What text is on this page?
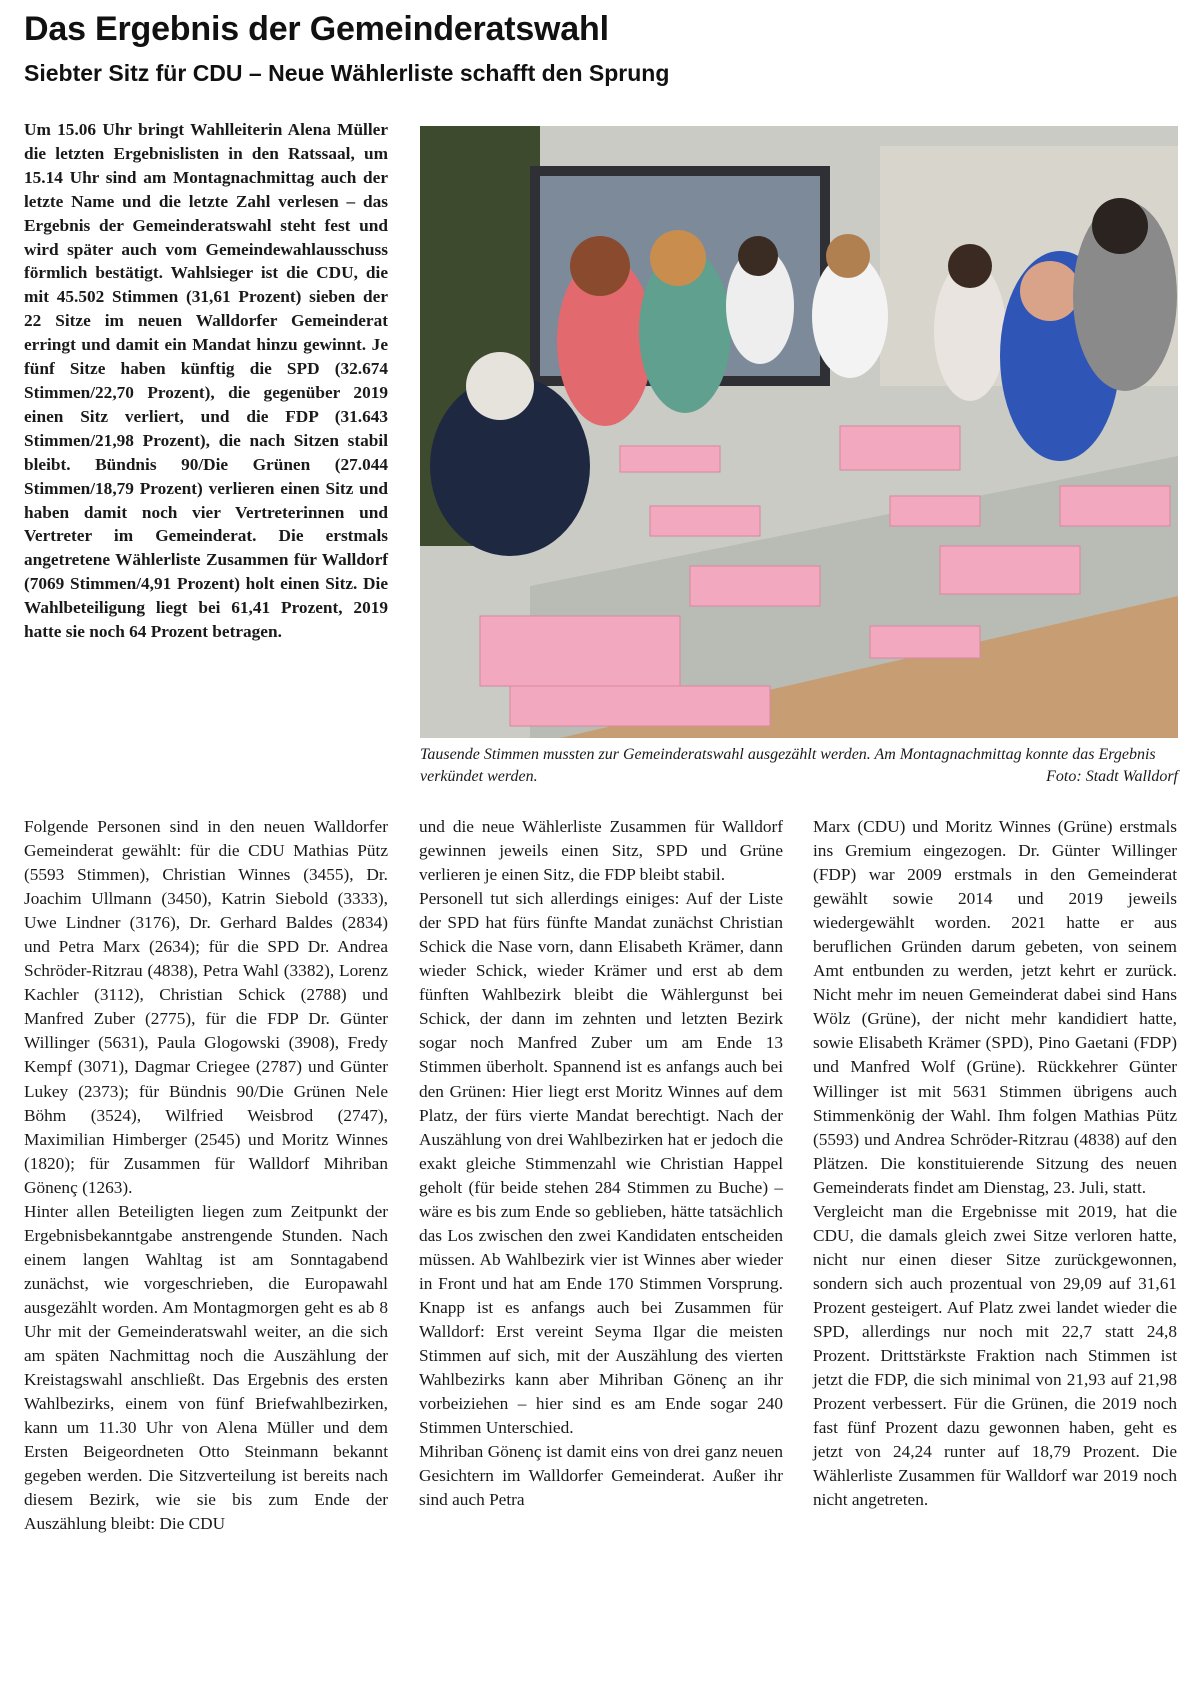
Das Ergebnis der Gemeinderatswahl
Siebter Sitz für CDU – Neue Wählerliste schafft den Sprung

Um 15.06 Uhr bringt Wahlleiterin Alena Müller die letzten Ergebnislisten in den Ratssaal, um 15.14 Uhr sind am Montagnachmittag auch der letzte Name und die letzte Zahl verlesen – das Ergebnis der Gemeinderatswahl steht fest und wird später auch vom Gemeindewahlausschuss förmlich bestätigt. Wahlsieger ist die CDU, die mit 45.502 Stimmen (31,61 Prozent) sieben der 22 Sitze im neuen Walldorfer Gemeinderat erringt und damit ein Mandat hinzu gewinnt. Je fünf Sitze haben künftig die SPD (32.674 Stimmen/22,70 Prozent), die gegenüber 2019 einen Sitz verliert, und die FDP (31.643 Stimmen/21,98 Prozent), die nach Sitzen stabil bleibt. Bündnis 90/Die Grünen (27.044 Stimmen/18,79 Prozent) verlieren einen Sitz und haben damit noch vier Vertreterinnen und Vertreter im Gemeinderat. Die erstmals angetretene Wählerliste Zusammen für Walldorf (7069 Stimmen/4,91 Prozent) holt einen Sitz. Die Wahlbeteiligung liegt bei 61,41 Prozent, 2019 hatte sie noch 64 Prozent betragen.

Tausende Stimmen mussten zur Gemeinderatswahl ausgezählt werden. Am Montagnachmittag konnte das Ergebnis verkündet werden.	Foto: Stadt Walldorf

Folgende Personen sind in den neuen Walldorfer Gemeinderat gewählt: für die CDU Mathias Pütz (5593 Stimmen), Christian Winnes (3455), Dr. Joachim Ullmann (3450), Katrin Siebold (3333), Uwe Lindner (3176), Dr. Gerhard Baldes (2834) und Petra Marx (2634); für die SPD Dr. Andrea Schröder-Ritzrau (4838), Petra Wahl (3382), Lorenz Kachler (3112), Christian Schick (2788) und Manfred Zuber (2775), für die FDP Dr. Günter Willinger (5631), Paula Glogowski (3908), Fredy Kempf (3071), Dagmar Criegee (2787) und Günter Lukey (2373); für Bündnis 90/Die Grünen Nele Böhm (3524), Wilfried Weisbrod (2747), Maximilian Himberger (2545) und Moritz Winnes (1820); für Zusammen für Walldorf Mihriban Gönenç (1263).

Hinter allen Beteiligten liegen zum Zeitpunkt der Ergebnisbekanntgabe anstrengende Stunden. Nach einem langen Wahltag ist am Sonntagabend zunächst, wie vorgeschrieben, die Europawahl ausgezählt worden. Am Montagmorgen geht es ab 8 Uhr mit der Gemeinderatswahl weiter, an die sich am späten Nachmittag noch die Auszählung der Kreistagswahl anschließt. Das Ergebnis des ersten Wahlbezirks, einem von fünf Briefwahlbezirken, kann um 11.30 Uhr von Alena Müller und dem Ersten Beigeordneten Otto Steinmann bekannt gegeben werden. Die Sitzverteilung ist bereits nach diesem Bezirk, wie sie bis zum Ende der Auszählung bleibt: Die CDU

und die neue Wählerliste Zusammen für Walldorf gewinnen jeweils einen Sitz, SPD und Grüne verlieren je einen Sitz, die FDP bleibt stabil.

Personell tut sich allerdings einiges: Auf der Liste der SPD hat fürs fünfte Mandat zunächst Christian Schick die Nase vorn, dann Elisabeth Krämer, dann wieder Schick, wieder Krämer und erst ab dem fünften Wahlbezirk bleibt die Wählergunst bei Schick, der dann im zehnten und letzten Bezirk sogar noch Manfred Zuber um am Ende 13 Stimmen überholt. Spannend ist es anfangs auch bei den Grünen: Hier liegt erst Moritz Winnes auf dem Platz, der fürs vierte Mandat berechtigt. Nach der Auszählung von drei Wahlbezirken hat er jedoch die exakt gleiche Stimmenzahl wie Christian Happel geholt (für beide stehen 284 Stimmen zu Buche) – wäre es bis zum Ende so geblieben, hätte tatsächlich das Los zwischen den zwei Kandidaten entscheiden müssen. Ab Wahlbezirk vier ist Winnes aber wieder in Front und hat am Ende 170 Stimmen Vorsprung. Knapp ist es anfangs auch bei Zusammen für Walldorf: Erst vereint Seyma Ilgar die meisten Stimmen auf sich, mit der Auszählung des vierten Wahlbezirks kann aber Mihriban Gönenç an ihr vorbeiziehen – hier sind es am Ende sogar 240 Stimmen Unterschied.

Mihriban Gönenç ist damit eins von drei ganz neuen Gesichtern im Walldorfer Gemeinderat. Außer ihr sind auch Petra

Marx (CDU) und Moritz Winnes (Grüne) erstmals ins Gremium eingezogen. Dr. Günter Willinger (FDP) war 2009 erstmals in den Gemeinderat gewählt sowie 2014 und 2019 jeweils wiedergewählt worden. 2021 hatte er aus beruflichen Gründen darum gebeten, von seinem Amt entbunden zu werden, jetzt kehrt er zurück. Nicht mehr im neuen Gemeinderat dabei sind Hans Wölz (Grüne), der nicht mehr kandidiert hatte, sowie Elisabeth Krämer (SPD), Pino Gaetani (FDP) und Manfred Wolf (Grüne). Rückkehrer Günter Willinger ist mit 5631 Stimmen übrigens auch Stimmenkönig der Wahl. Ihm folgen Mathias Pütz (5593) und Andrea Schröder-Ritzrau (4838) auf den Plätzen. Die konstituierende Sitzung des neuen Gemeinderats findet am Dienstag, 23. Juli, statt.

Vergleicht man die Ergebnisse mit 2019, hat die CDU, die damals gleich zwei Sitze verloren hatte, nicht nur einen dieser Sitze zurückgewonnen, sondern sich auch prozentual von 29,09 auf 31,61 Prozent gesteigert. Auf Platz zwei landet wieder die SPD, allerdings nur noch mit 22,7 statt 24,8 Prozent. Drittstärkste Fraktion nach Stimmen ist jetzt die FDP, die sich minimal von 21,93 auf 21,98 Prozent verbessert. Für die Grünen, die 2019 noch fast fünf Prozent dazu gewonnen haben, geht es jetzt von 24,24 runter auf 18,79 Prozent. Die Wählerliste Zusammen für Walldorf war 2019 noch nicht angetreten.
